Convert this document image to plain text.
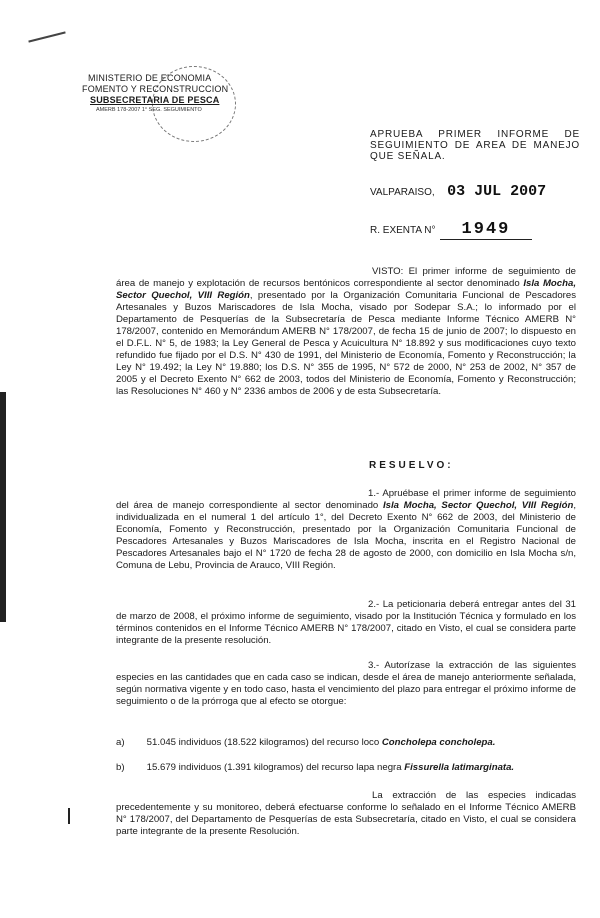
MINISTERIO DE ECONOMIA
FOMENTO Y RECONSTRUCCION
SUBSECRETARIA DE PESCA
AMERB 178-2007 1° SEG. SEGUIMIENTO
APRUEBA PRIMER INFORME DE
SEGUIMIENTO DE AREA DE MANEJO
QUE SEÑALA.
VALPARAISO, 03 JUL 2007
R. EXENTA N° 1949
VISTO: El primer informe de seguimiento de área de manejo y explotación de recursos bentónicos correspondiente al sector denominado Isla Mocha, Sector Quechol, VIII Región, presentado por la Organización Comunitaria Funcional de Pescadores Artesanales y Buzos Mariscadores de Isla Mocha, visado por Sodepar S.A.; lo informado por el Departamento de Pesquerías de la Subsecretaría de Pesca mediante Informe Técnico AMERB N° 178/2007, contenido en Memorándum AMERB N° 178/2007, de fecha 15 de junio de 2007; lo dispuesto en el D.F.L. N° 5, de 1983; la Ley General de Pesca y Acuicultura N° 18.892 y sus modificaciones cuyo texto refundido fue fijado por el D.S. N° 430 de 1991, del Ministerio de Economía, Fomento y Reconstrucción; la Ley N° 19.492; la Ley N° 19.880; los D.S. N° 355 de 1995, N° 572 de 2000, N° 253 de 2002, N° 357 de 2005 y el Decreto Exento N° 662 de 2003, todos del Ministerio de Economía, Fomento y Reconstrucción; las Resoluciones N° 460 y N° 2336 ambos de 2006 y de esta Subsecretaría.
RESUELVO:
1.- Apruébase el primer informe de seguimiento del área de manejo correspondiente al sector denominado Isla Mocha, Sector Quechol, VIII Región, individualizada en el numeral 1 del artículo 1°, del Decreto Exento N° 662 de 2003, del Ministerio de Economía, Fomento y Reconstrucción, presentado por la Organización Comunitaria Funcional de Pescadores Artesanales y Buzos Mariscadores de Isla Mocha, inscrita en el Registro Nacional de Pescadores Artesanales bajo el N° 1720 de fecha 28 de agosto de 2000, con domicilio en Isla Mocha s/n, Comuna de Lebu, Provincia de Arauco, VIII Región.
2.- La peticionaria deberá entregar antes del 31 de marzo de 2008, el próximo informe de seguimiento, visado por la Institución Técnica y formulado en los términos contenidos en el Informe Técnico AMERB N° 178/2007, citado en Visto, el cual se considera parte integrante de la presente resolución.
3.- Autorízase la extracción de las siguientes especies en las cantidades que en cada caso se indican, desde el área de manejo anteriormente señalada, según normativa vigente y en todo caso, hasta el vencimiento del plazo para entregar el próximo informe de seguimiento o de la prórroga que al efecto se otorgue:
a) 51.045 individuos (18.522 kilogramos) del recurso loco Concholepa concholepa.
b) 15.679 individuos (1.391 kilogramos) del recurso lapa negra Fissurella latimarginata.
La extracción de las especies indicadas precedentemente y su monitoreo, deberá efectuarse conforme lo señalado en el Informe Técnico AMERB N° 178/2007, del Departamento de Pesquerías de esta Subsecretaría, citado en Visto, el cual se considera parte integrante de la presente Resolución.
